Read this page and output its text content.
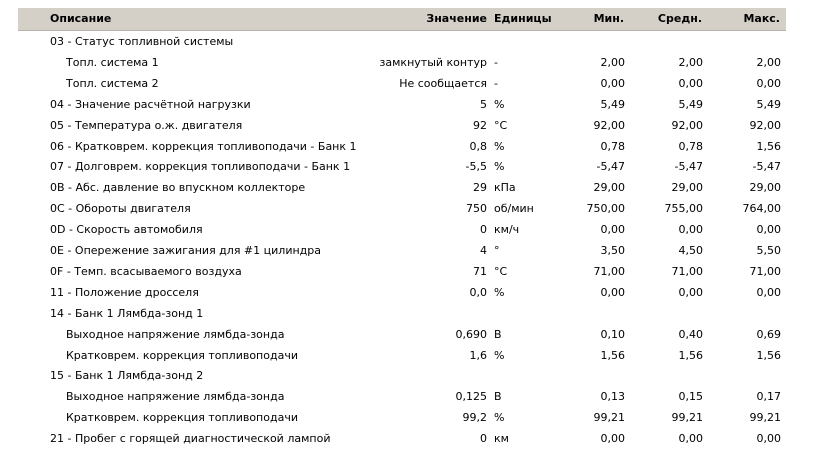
Описание	Значение Единицы	Мин.	Средн.	Макс.
03 - Статус топливной системы
Топл. система 1	замкнутый контур -	2,00	2,00	2,00
Топл. система 2	Не сообщается -	0,00	0,00	0,00
04 - Значение расчётной нагрузки	5 %	5,49	5,49	5,49
05 - Температура о.ж. двигателя	92 °C	92,00	92,00	92,00
06 - Кратковрем. коррекция топливоподачи - Банк 1	0,8 %	0,78	0,78	1,56
07 - Долговрем. коррекция топливоподачи - Банк 1	-5,5 %	-5,47	-5,47	-5,47
0B - Абс. давление во впускном коллекторе	29 кПа	29,00	29,00	29,00
0C - Обороты двигателя	750 об/мин	750,00	755,00	764,00
0D - Скорость автомобиля	0 км/ч	0,00	0,00	0,00
0E - Опережение зажигания для #1 цилиндра	4 °	3,50	4,50	5,50
0F - Темп. всасываемого воздуха	71 °C	71,00	71,00	71,00
11 - Положение дросселя	0,0 %	0,00	0,00	0,00
14 - Банк 1 Лямбда-зонд 1
Выходное напряжение лямбда-зонда	0,690 В	0,10	0,40	0,69
Кратковрем. коррекция топливоподачи	1,6 %	1,56	1,56	1,56
15 - Банк 1 Лямбда-зонд 2
Выходное напряжение лямбда-зонда	0,125 В	0,13	0,15	0,17
Кратковрем. коррекция топливоподачи	99,2 %	99,21	99,21	99,21
21 - Пробег с горящей диагностической лампой	0 км	0,00	0,00	0,00
